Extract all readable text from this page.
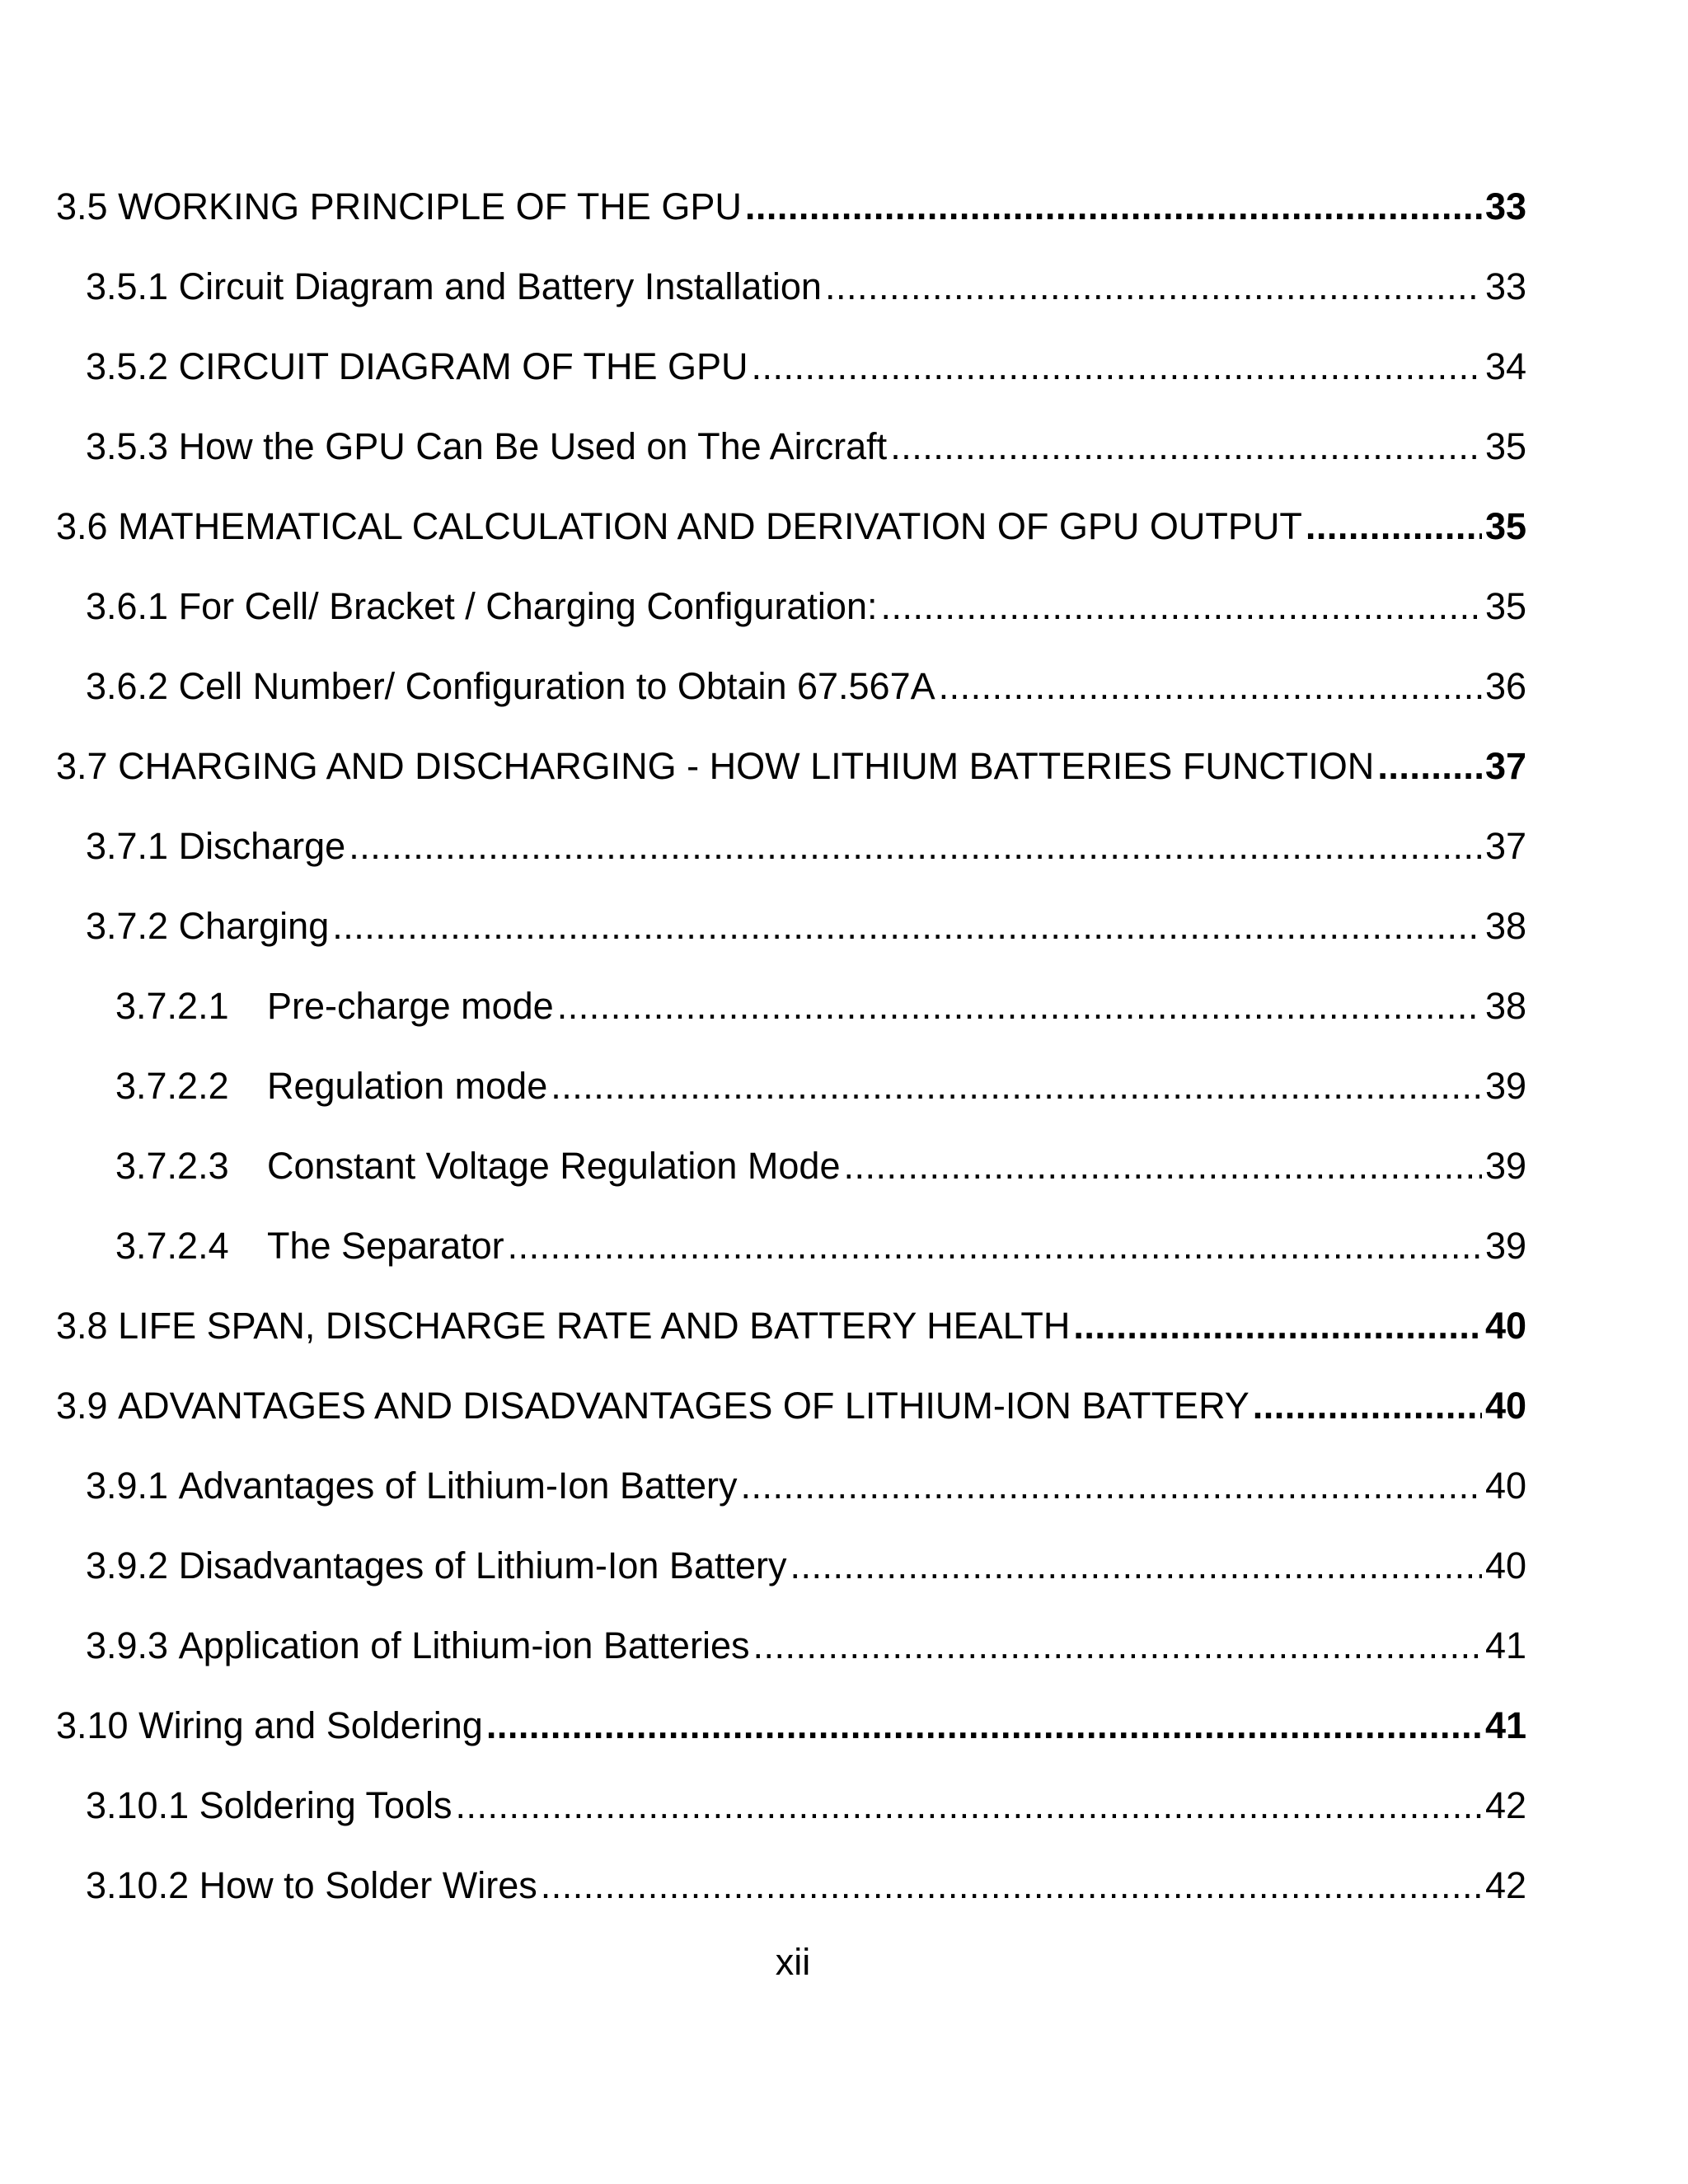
3.5
WORKING PRINCIPLE OF THE GPU .....	33
3.5.1
Circuit Diagram and Battery Installation .....	33
3.5.2
CIRCUIT DIAGRAM OF THE GPU .....	34
3.5.3
How the GPU Can Be Used on The Aircraft .....	35
3.6
MATHEMATICAL CALCULATION AND DERIVATION OF GPU OUTPUT .....	35
3.6.1
For Cell/ Bracket / Charging Configuration: .....	35
3.6.2
Cell Number/ Configuration to Obtain 67.567A .....	36
3.7
CHARGING AND DISCHARGING - HOW LITHIUM BATTERIES FUNCTION .....	37
3.7.1
Discharge .....	37
3.7.2
Charging .....	38
3.7.2.1	Pre-charge mode .....	38
3.7.2.2	Regulation mode .....	39
3.7.2.3	Constant Voltage Regulation Mode .....	39
3.7.2.4	The Separator .....	39
3.8
LIFE SPAN, DISCHARGE RATE AND BATTERY HEALTH .....	40
3.9
ADVANTAGES AND DISADVANTAGES OF LITHIUM-ION BATTERY .....	40
3.9.1
Advantages of Lithium-Ion Battery .....	40
3.9.2
Disadvantages of Lithium-Ion Battery .....	40
3.9.3
Application of Lithium-ion Batteries .....	41
3.10
Wiring and Soldering .....	41
3.10.1
Soldering Tools .....	42
3.10.2
How to Solder Wires .....	42
xii
